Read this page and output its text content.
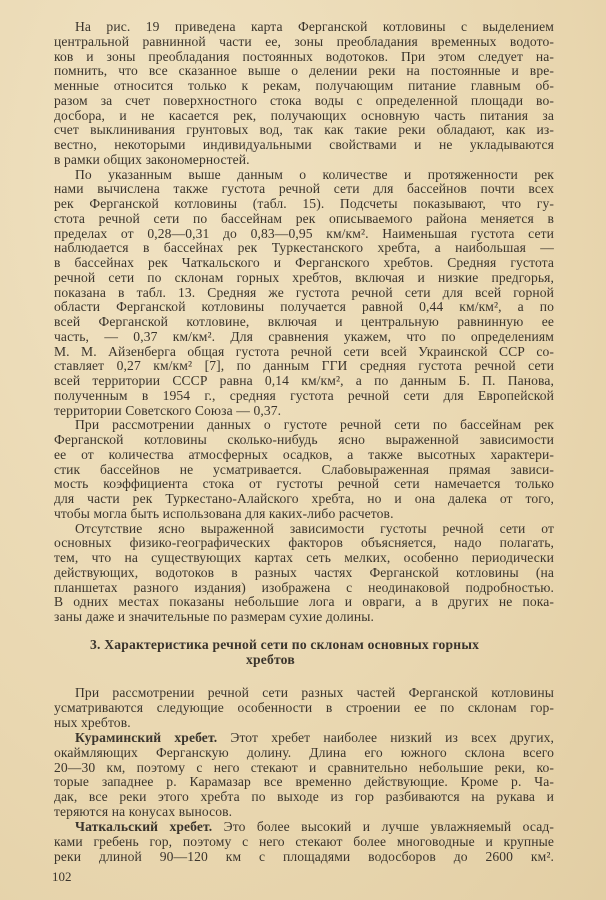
На рис. 19 приведена карта Ферганской котловины с выделением
центральной равнинной части ее, зоны преобладания временных водото-
ков и зоны преобладания постоянных водотоков. При этом следует на-
помнить, что все сказанное выше о делении реки на постоянные и вре-
менные относится только к рекам, получающим питание главным об-
разом за счет поверхностного стока воды с определенной площади во-
досбора, и не касается рек, получающих основную часть питания за
счет выклинивания грунтовых вод, так как такие реки обладают, как из-
вестно, некоторыми индивидуальными свойствами и не укладываются
в рамки общих закономерностей.
По указанным выше данным о количестве и протяженности рек
нами вычислена также густота речной сети для бассейнов почти всех
рек Ферганской котловины (табл. 15). Подсчеты показывают, что гу-
стота речной сети по бассейнам рек описываемого района меняется в
пределах от 0,28—0,31 до 0,83—0,95 км/км². Наименьшая густота сети
наблюдается в бассейнах рек Туркестанского хребта, а наибольшая —
в бассейнах рек Чаткальского и Ферганского хребтов. Средняя густота
речной сети по склонам горных хребтов, включая и низкие предгорья,
показана в табл. 13. Средняя же густота речной сети для всей горной
области Ферганской котловины получается равной 0,44 км/км², а по
всей Ферганской котловине, включая и центральную равнинную ее
часть, — 0,37 км/км². Для сравнения укажем, что по определениям
М. М. Айзенберга общая густота речной сети всей Украинской ССР со-
ставляет 0,27 км/км² [7], по данным ГГИ средняя густота речной сети
всей территории СССР равна 0,14 км/км², а по данным Б. П. Панова,
полученным в 1954 г., средняя густота речной сети для Европейской
территории Советского Союза — 0,37.
При рассмотрении данных о густоте речной сети по бассейнам рек
Ферганской котловины сколько-нибудь ясно выраженной зависимости
ее от количества атмосферных осадков, а также высотных характери-
стик бассейнов не усматривается. Слабовыраженная прямая зависи-
мость коэффициента стока от густоты речной сети намечается только
для части рек Туркестано-Алайского хребта, но и она далека от того,
чтобы могла быть использована для каких-либо расчетов.
Отсутствие ясно выраженной зависимости густоты речной сети от
основных физико-географических факторов объясняется, надо полагать,
тем, что на существующих картах сеть мелких, особенно периодически
действующих, водотоков в разных частях Ферганской котловины (на
планшетах разного издания) изображена с неодинаковой подробностью.
В одних местах показаны небольшие лога и овраги, а в других не пока-
заны даже и значительные по размерам сухие долины.
3. Характеристика речной сети по склонам основных горных
хребтов
При рассмотрении речной сети разных частей Ферганской котловины
усматриваются следующие особенности в строении ее по склонам гор-
ных хребтов.
Кураминский хребет. Этот хребет наиболее низкий из всех других,
окаймляющих Ферганскую долину. Длина его южного склона всего
20—30 км, поэтому с него стекают и сравнительно небольшие реки, ко-
торые западнее р. Карамазар все временно действующие. Кроме р. Ча-
дак, все реки этого хребта по выходе из гор разбиваются на рукава и
теряются на конусах выносов.
Чаткальский хребет. Это более высокий и лучше увлажняемый осад-
ками гребень гор, поэтому с него стекают более многоводные и крупные
реки длиной 90—120 км с площадями водосборов до 2600 км².
102
